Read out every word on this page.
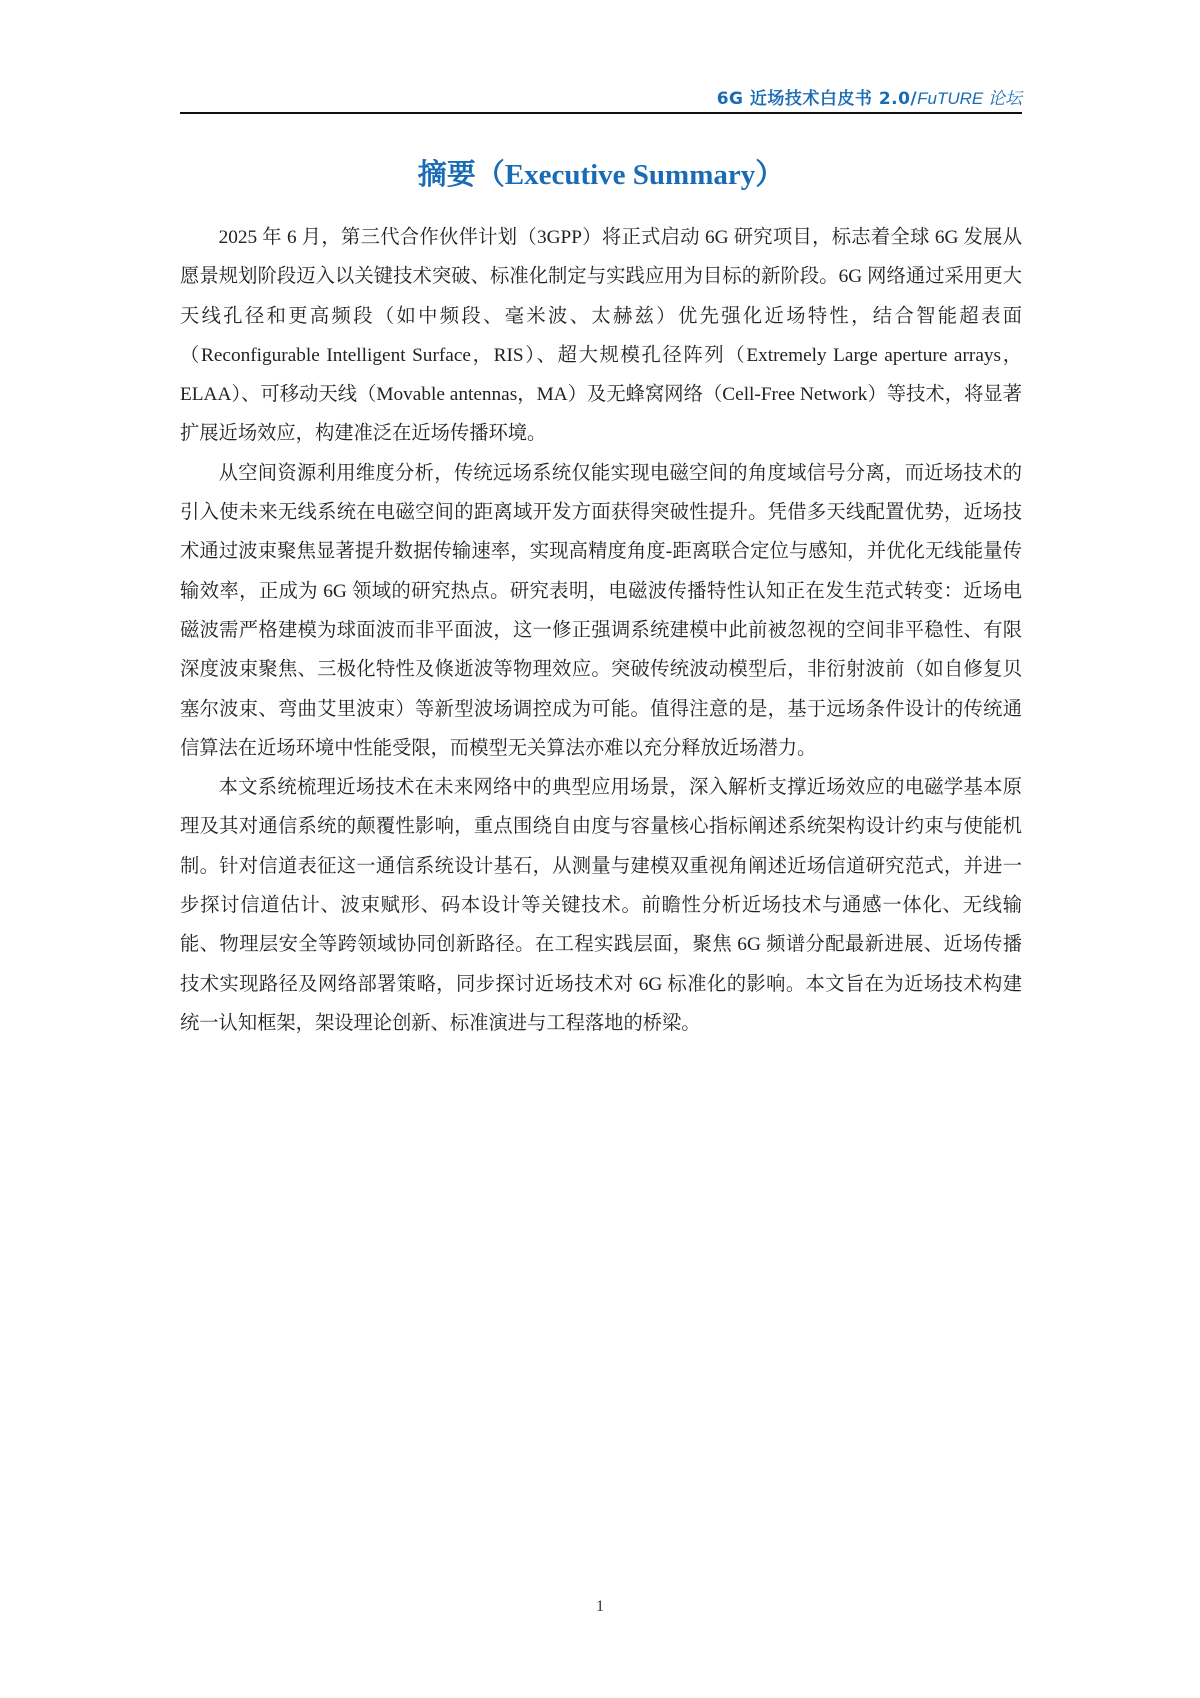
6G 近场技术白皮书 2.0/FuTURE 论坛
摘要（Executive Summary）

2025 年 6 月，第三代合作伙伴计划（3GPP）将正式启动 6G 研究项目，标志着全球 6G 发展从愿景规划阶段迈入以关键技术突破、标准化制定与实践应用为目标的新阶段。6G 网络通过采用更大天线孔径和更高频段（如中频段、毫米波、太赫兹）优先强化近场特性，结合智能超表面（Reconfigurable Intelligent Surface，RIS）、超大规模孔径阵列（Extremely Large aperture arrays，ELAA）、可移动天线（Movable antennas，MA）及无蜂窝网络（Cell-Free Network）等技术，将显著扩展近场效应，构建准泛在近场传播环境。

从空间资源利用维度分析，传统远场系统仅能实现电磁空间的角度域信号分离，而近场技术的引入使未来无线系统在电磁空间的距离域开发方面获得突破性提升。凭借多天线配置优势，近场技术通过波束聚焦显著提升数据传输速率，实现高精度角度-距离联合定位与感知，并优化无线能量传输效率，正成为 6G 领域的研究热点。研究表明，电磁波传播特性认知正在发生范式转变：近场电磁波需严格建模为球面波而非平面波，这一修正强调系统建模中此前被忽视的空间非平稳性、有限深度波束聚焦、三极化特性及倏逝波等物理效应。突破传统波动模型后，非衍射波前（如自修复贝塞尔波束、弯曲艾里波束）等新型波场调控成为可能。值得注意的是，基于远场条件设计的传统通信算法在近场环境中性能受限，而模型无关算法亦难以充分释放近场潜力。

本文系统梳理近场技术在未来网络中的典型应用场景，深入解析支撑近场效应的电磁学基本原理及其对通信系统的颠覆性影响，重点围绕自由度与容量核心指标阐述系统架构设计约束与使能机制。针对信道表征这一通信系统设计基石，从测量与建模双重视角阐述近场信道研究范式，并进一步探讨信道估计、波束赋形、码本设计等关键技术。前瞻性分析近场技术与通感一体化、无线输能、物理层安全等跨领域协同创新路径。在工程实践层面，聚焦 6G 频谱分配最新进展、近场传播技术实现路径及网络部署策略，同步探讨近场技术对 6G 标准化的影响。本文旨在为近场技术构建统一认知框架，架设理论创新、标准演进与工程落地的桥梁。

1
